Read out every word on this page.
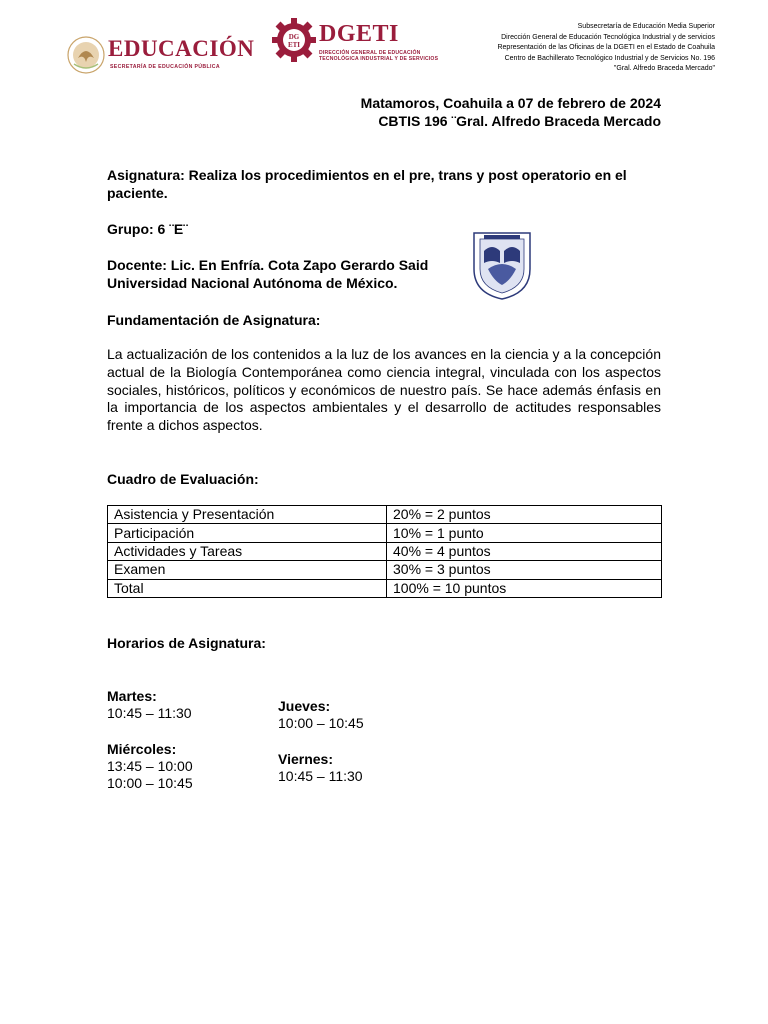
EDUCACIÓN
SECRETARÍA DE EDUCACIÓN PÚBLICA
DG
ETI DGETI
DIRECCIÓN GENERAL DE EDUCACIÓN
TECNOLÓGICA INDUSTRIAL Y DE SERVICIOS
Subsecretaría de Educación Media Superior
Dirección General de Educación Tecnológica Industrial y de servicios
Representación de las Oficinas de la DGETI en el Estado de Coahuila
Centro de Bachillerato Tecnológico Industrial y de Servicios No. 196
"Gral. Alfredo Braceda Mercado"
Matamoros, Coahuila a 07 de febrero de 2024
CBTIS 196 ¨Gral. Alfredo Braceda Mercado
Asignatura: Realiza los procedimientos en el pre, trans y post operatorio en el paciente.
Grupo: 6 ¨E¨
Docente: Lic. En Enfría. Cota Zapo Gerardo Said
Universidad Nacional Autónoma de México.
Fundamentación de Asignatura:
La actualización de los contenidos a la luz de los avances en la ciencia y a la concepción actual de la Biología Contemporánea como ciencia integral, vinculada con los aspectos sociales, históricos, políticos y económicos de nuestro país. Se hace además énfasis en la importancia de los aspectos ambientales y el desarrollo de actitudes responsables frente a dichos aspectos.
Cuadro de Evaluación:
Asistencia y Presentación	20% = 2 puntos
Participación	10% = 1 punto
Actividades y Tareas	40% = 4 puntos
Examen	30% = 3 puntos
Total	100% = 10 puntos
Horarios de Asignatura:
Martes:
10:45 – 11:30
Miércoles:
13:45 – 10:00
10:00 – 10:45
Jueves:
10:00 – 10:45
Viernes:
10:45 – 11:30
